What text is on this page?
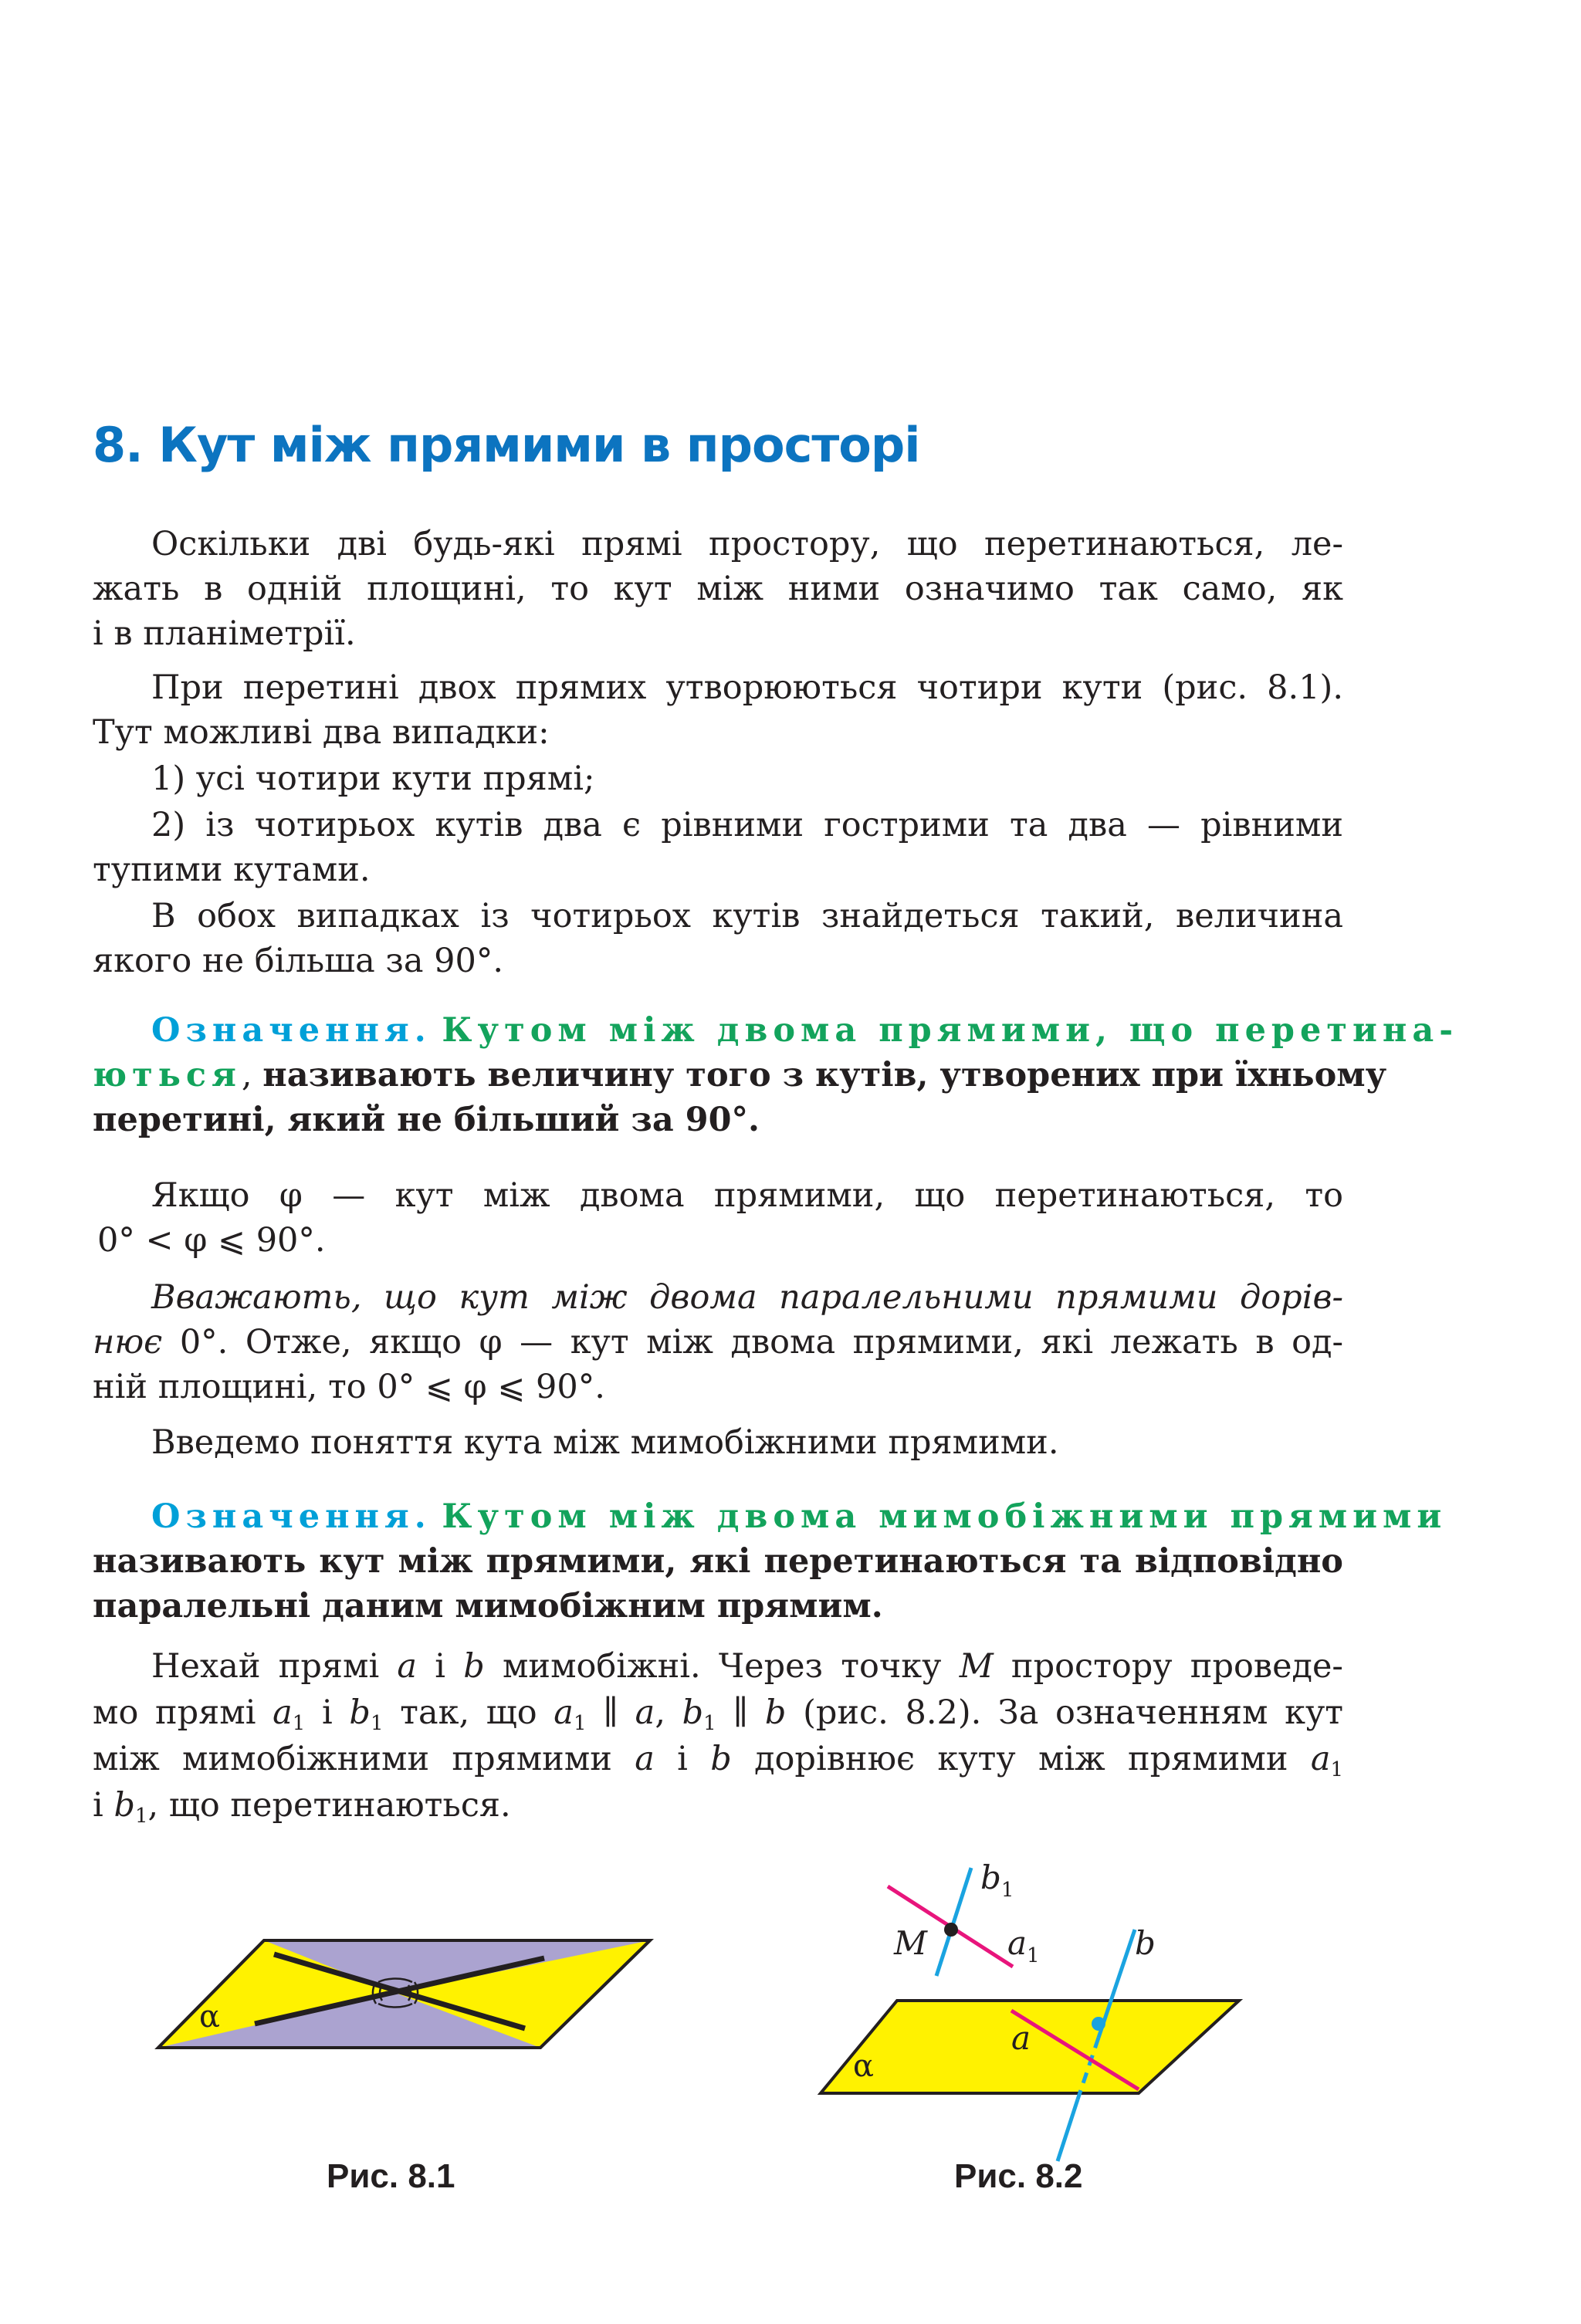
8. Кут між прямими в просторі
Оскільки дві будь-які прямі простору, що перетинаються, ле-
жать в одній площині, то кут між ними означимо так само, як
і в планіметрії.
При перетині двох прямих утворюються чотири кути (рис. 8.1).
Тут можливі два випадки:
1) усі чотири кути прямі;
2) із чотирьох кутів два є рівними гострими та два — рівними
тупими кутами.
В обох випадках із чотирьох кутів знайдеться такий, величина
якого не більша за 90°.
Означення. Кутом між двома прямими, що перетина-
ються, називають величину того з кутів, утворених при їхньому
перетині, який не більший за 90°.
Якщо φ — кут між двома прямими, що перетинаються, то
0° < φ ⩽ 90°.
Вважають, що кут між двома паралельними прямими дорів-
нює 0°. Отже, якщо φ — кут між двома прямими, які лежать в од-
ній площині, то 0° ⩽ φ ⩽ 90°.
Введемо поняття кута між мимобіжними прямими.
Означення. Кутом між двома мимобіжними прямими
називають кут між прямими, які перетинаються та відповідно
паралельні даним мимобіжним прямим.
Нехай прямі a і b мимобіжні. Через точку M простору проведе-
мо прямі $a_1$ і $b_1$ так, що $a_1$ ∥ a, $b_1$ ∥ b (рис. 8.2). За означенням кут
між мимобіжними прямими a і b дорівнює куту між прямими $a_1$
і $b_1$, що перетинаються.
α
$b_1$
M $a_1$	b
a
α
Рис. 8.1	Рис. 8.2
